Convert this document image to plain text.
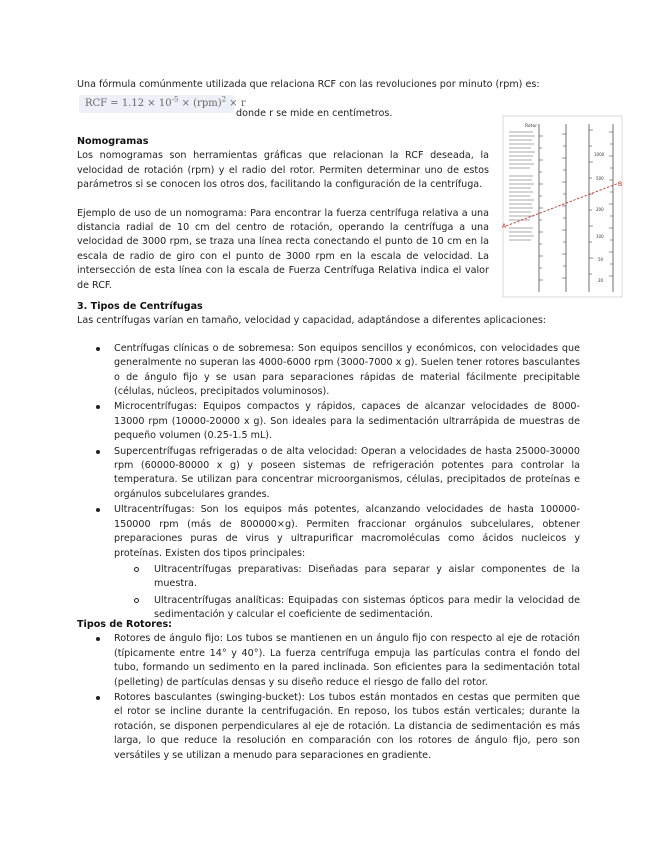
Una fórmula comúnmente utilizada que relaciona RCF con las revoluciones por minuto (rpm) es:

RCF = $1.12 \times 10^{-5} \times (rpm)^2 \times r$

donde r se mide en centímetros.

Nomogramas

Los nomogramas son herramientas gráficas que relacionan la RCF deseada, la velocidad de rotación (rpm) y el radio del rotor. Permiten determinar uno de estos parámetros si se conocen los otros dos, facilitando la configuración de la centrífuga.

Ejemplo de uso de un nomograma: Para encontrar la fuerza centrífuga relativa a una distancia radial de 10 cm del centro de rotación, operando la centrífuga a una velocidad de 3000 rpm, se traza una línea recta conectando el punto de 10 cm en la escala de radio de giro con el punto de 3000 rpm en la escala de velocidad. La intersección de esta línea con la escala de Fuerza Centrífuga Relativa indica el valor de RCF.

Rotor
1000
500
200
100
50
20
A
B

3. Tipos de Centrífugas

Las centrífugas varían en tamaño, velocidad y capacidad, adaptándose a diferentes aplicaciones:

Centrífugas clínicas o de sobremesa: Son equipos sencillos y económicos, con velocidades que generalmente no superan las 4000-6000 rpm (3000-7000 x g). Suelen tener rotores basculantes o de ángulo fijo y se usan para separaciones rápidas de material fácilmente precipitable (células, núcleos, precipitados voluminosos).
Microcentrífugas: Equipos compactos y rápidos, capaces de alcanzar velocidades de 8000-13000 rpm (10000-20000 x g). Son ideales para la sedimentación ultrarrápida de muestras de pequeño volumen (0.25-1.5 mL).
Supercentrífugas refrigeradas o de alta velocidad: Operan a velocidades de hasta 25000-30000 rpm (60000-80000 x g) y poseen sistemas de refrigeración potentes para controlar la temperatura. Se utilizan para concentrar microorganismos, células, precipitados de proteínas e orgánulos subcelulares grandes.
Ultracentrífugas: Son los equipos más potentes, alcanzando velocidades de hasta 100000-150000 rpm (más de 800000×g). Permiten fraccionar orgánulos subcelulares, obtener preparaciones puras de virus y ultrapurificar macromoléculas como ácidos nucleicos y proteínas. Existen dos tipos principales:
Ultracentrífugas preparativas: Diseñadas para separar y aislar componentes de la muestra.
Ultracentrífugas analíticas: Equipadas con sistemas ópticos para medir la velocidad de sedimentación y calcular el coeficiente de sedimentación.

Tipos de Rotores:

Rotores de ángulo fijo: Los tubos se mantienen en un ángulo fijo con respecto al eje de rotación (típicamente entre 14° y 40°). La fuerza centrífuga empuja las partículas contra el fondo del tubo, formando un sedimento en la pared inclinada. Son eficientes para la sedimentación total (pelleting) de partículas densas y su diseño reduce el riesgo de fallo del rotor.
Rotores basculantes (swinging-bucket): Los tubos están montados en cestas que permiten que el rotor se incline durante la centrifugación. En reposo, los tubos están verticales; durante la rotación, se disponen perpendiculares al eje de rotación. La distancia de sedimentación es más larga, lo que reduce la resolución en comparación con los rotores de ángulo fijo, pero son versátiles y se utilizan a menudo para separaciones en gradiente.
